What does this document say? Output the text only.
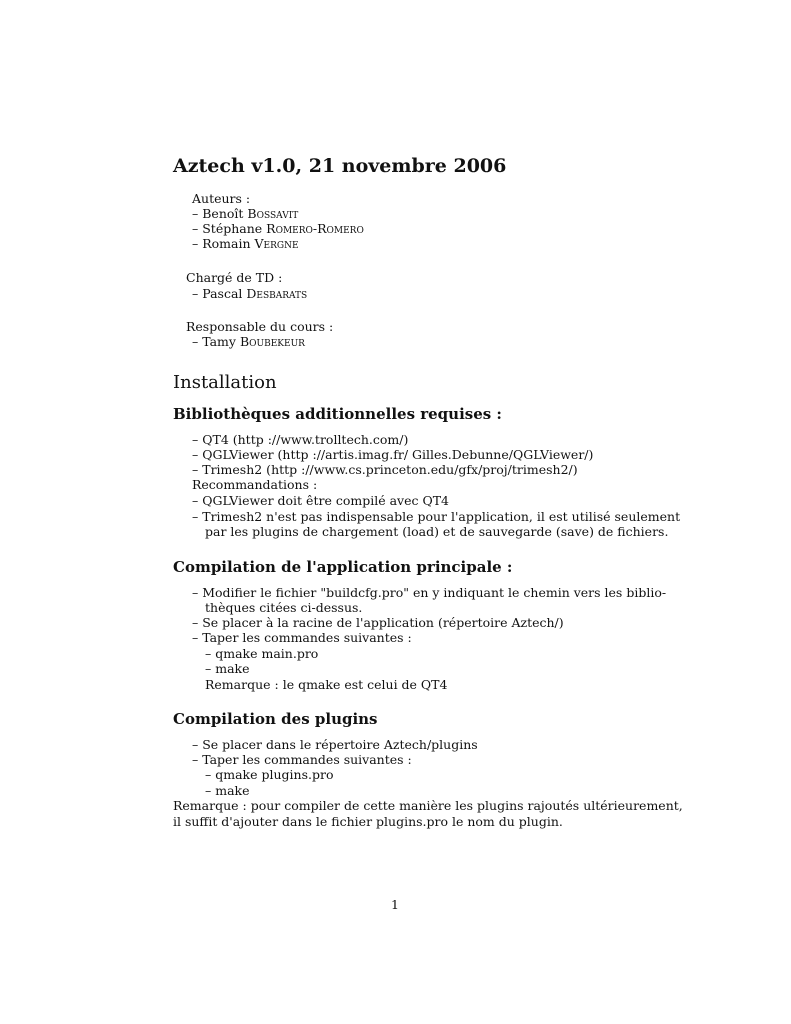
Aztech v1.0, 21 novembre 2006
Auteurs :
– Benoît Bossavit
– Stéphane Romero-Romero
– Romain Vergne
Chargé de TD :
– Pascal Desbarats
Responsable du cours :
– Tamy Boubekeur
Installation
Bibliothèques additionnelles requises :
– QT4 (http ://www.trolltech.com/)
– QGLViewer (http ://artis.imag.fr/ Gilles.Debunne/QGLViewer/)
– Trimesh2 (http ://www.cs.princeton.edu/gfx/proj/trimesh2/)
Recommandations :
– QGLViewer doit être compilé avec QT4
– Trimesh2 n'est pas indispensable pour l'application, il est utilisé seulement
par les plugins de chargement (load) et de sauvegarde (save) de fichiers.
Compilation de l'application principale :
– Modifier le fichier "buildcfg.pro" en y indiquant le chemin vers les biblio-
thèques citées ci-dessus.
– Se placer à la racine de l'application (répertoire Aztech/)
– Taper les commandes suivantes :
– qmake main.pro
– make
Remarque : le qmake est celui de QT4
Compilation des plugins
– Se placer dans le répertoire Aztech/plugins
– Taper les commandes suivantes :
– qmake plugins.pro
– make
Remarque : pour compiler de cette manière les plugins rajoutés ultérieurement,
il suffit d'ajouter dans le fichier plugins.pro le nom du plugin.
1
